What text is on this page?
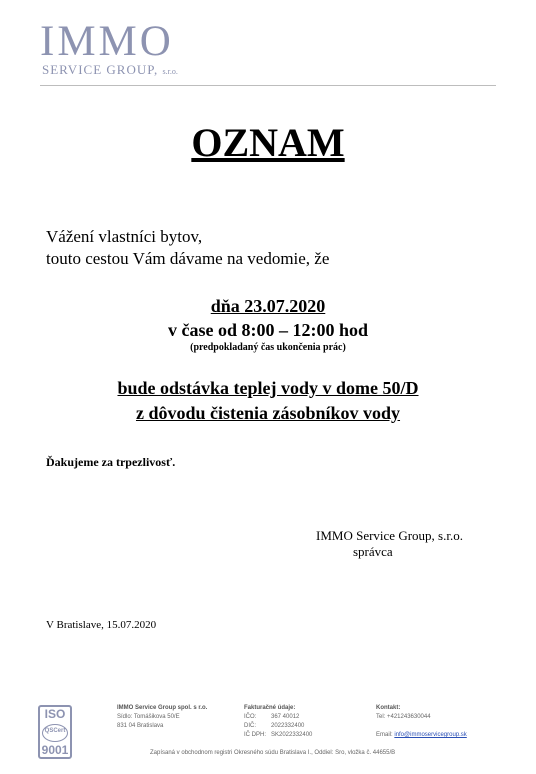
IMMO
SERVICE GROUP, s.r.o.
OZNAM
Vážení vlastníci bytov,
touto cestou Vám dávame na vedomie, že
dňa 23.07.2020
v čase od 8:00 – 12:00 hod
(predpokladaný čas ukončenia prác)
bude odstávka teplej vody v dome 50/D
z dôvodu čistenia zásobníkov vody
Ďakujeme za trpezlivosť.
IMMO Service Group, s.r.o.
správca
V Bratislave, 15.07.2020
ISO
QSCert
9001
IMMO Service Group spol. s r.o.
Sídlo: Tomášikova 50/E
831 04 Bratislava
Fakturačné údaje:
IČO:	367 40012
DIČ:	2022332400
IČ DPH: SK2022332400
Kontakt:
Tel: +421243630044

Email: info@immoservicegroup.sk
Zapísaná v obchodnom registri Okresného súdu Bratislava I., Oddiel: Sro, vložka č. 44655/B
